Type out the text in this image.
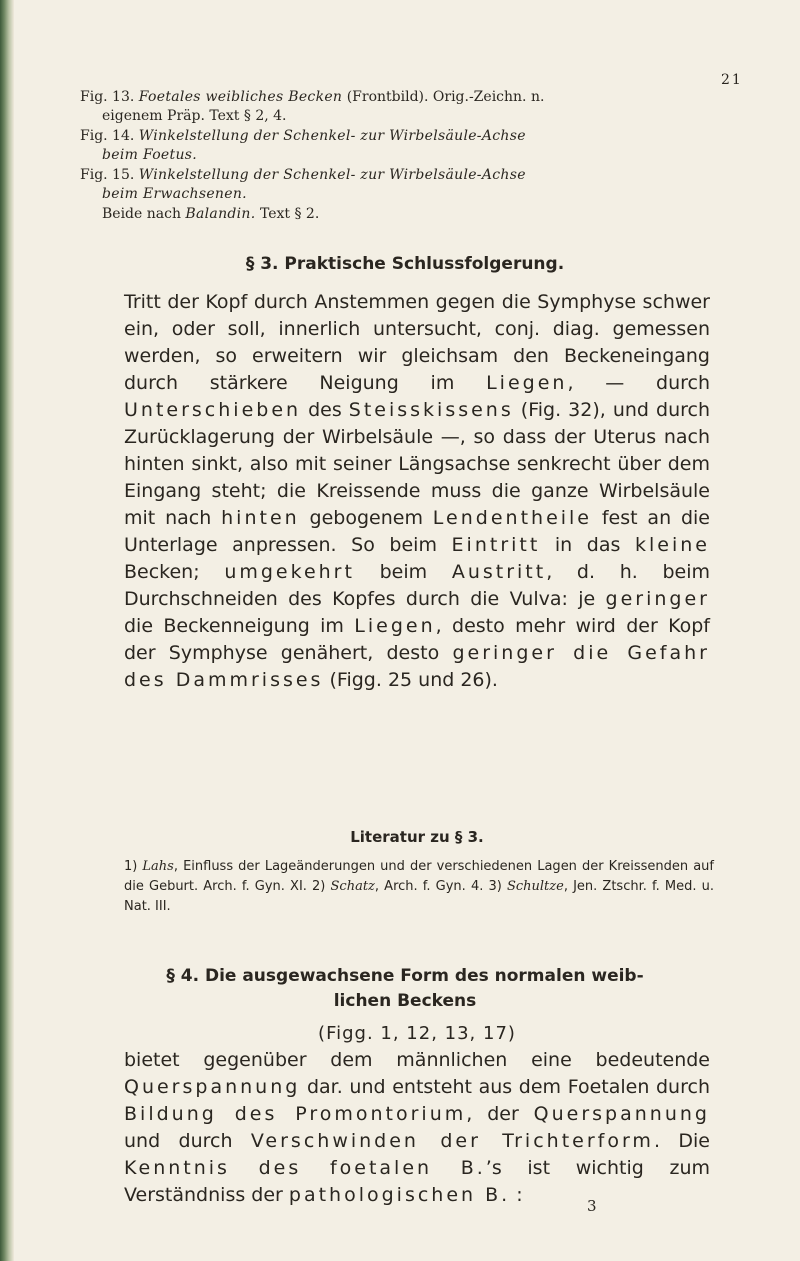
21
Fig. 13. Foetales weibliches Becken (Frontbild). Orig.-Zeichn. n.
eigenem Präp. Text § 2, 4.
Fig. 14. Winkelstellung der Schenkel- zur Wirbelsäule-Achse
beim Foetus.
Fig. 15. Winkelstellung der Schenkel- zur Wirbelsäule-Achse
beim Erwachsenen.
Beide nach Balandin. Text § 2.
§ 3. Praktische Schlussfolgerung.
Tritt der Kopf durch Anstemmen gegen die Symphyse schwer ein, oder soll, innerlich untersucht, conj. diag. gemessen werden, so erweitern wir gleichsam den Beckeneingang durch stärkere Neigung im Liegen, — durch Unterschieben des Steisskissens (Fig. 32), und durch Zurücklagerung der Wirbelsäule —, so dass der Uterus nach hinten sinkt, also mit seiner Längsachse senkrecht über dem Eingang steht; die Kreissende muss die ganze Wirbelsäule mit nach hinten gebogenem Lendentheile fest an die Unterlage anpressen. So beim Eintritt in das kleine Becken; umgekehrt beim Austritt, d. h. beim Durchschneiden des Kopfes durch die Vulva: je geringer die Beckenneigung im Liegen, desto mehr wird der Kopf der Symphyse genähert, desto geringer die Gefahr des Dammrisses (Figg. 25 und 26).
Literatur zu § 3.
1) Lahs, Einfluss der Lageänderungen und der verschiedenen Lagen der Kreissenden auf die Geburt. Arch. f. Gyn. XI. 2) Schatz, Arch. f. Gyn. 4. 3) Schultze, Jen. Ztschr. f. Med. u. Nat. III.
§ 4. Die ausgewachsene Form des normalen weib-
lichen Beckens
(Figg. 1, 12, 13, 17)
bietet gegenüber dem männlichen eine bedeutende Querspannung dar. und entsteht aus dem Foetalen durch Bildung des Promontorium, der Querspannung und durch Verschwinden der Trichterform. Die Kenntnis des foetalen B.’s ist wichtig zum Verständniss der pathologischen B. :	3
